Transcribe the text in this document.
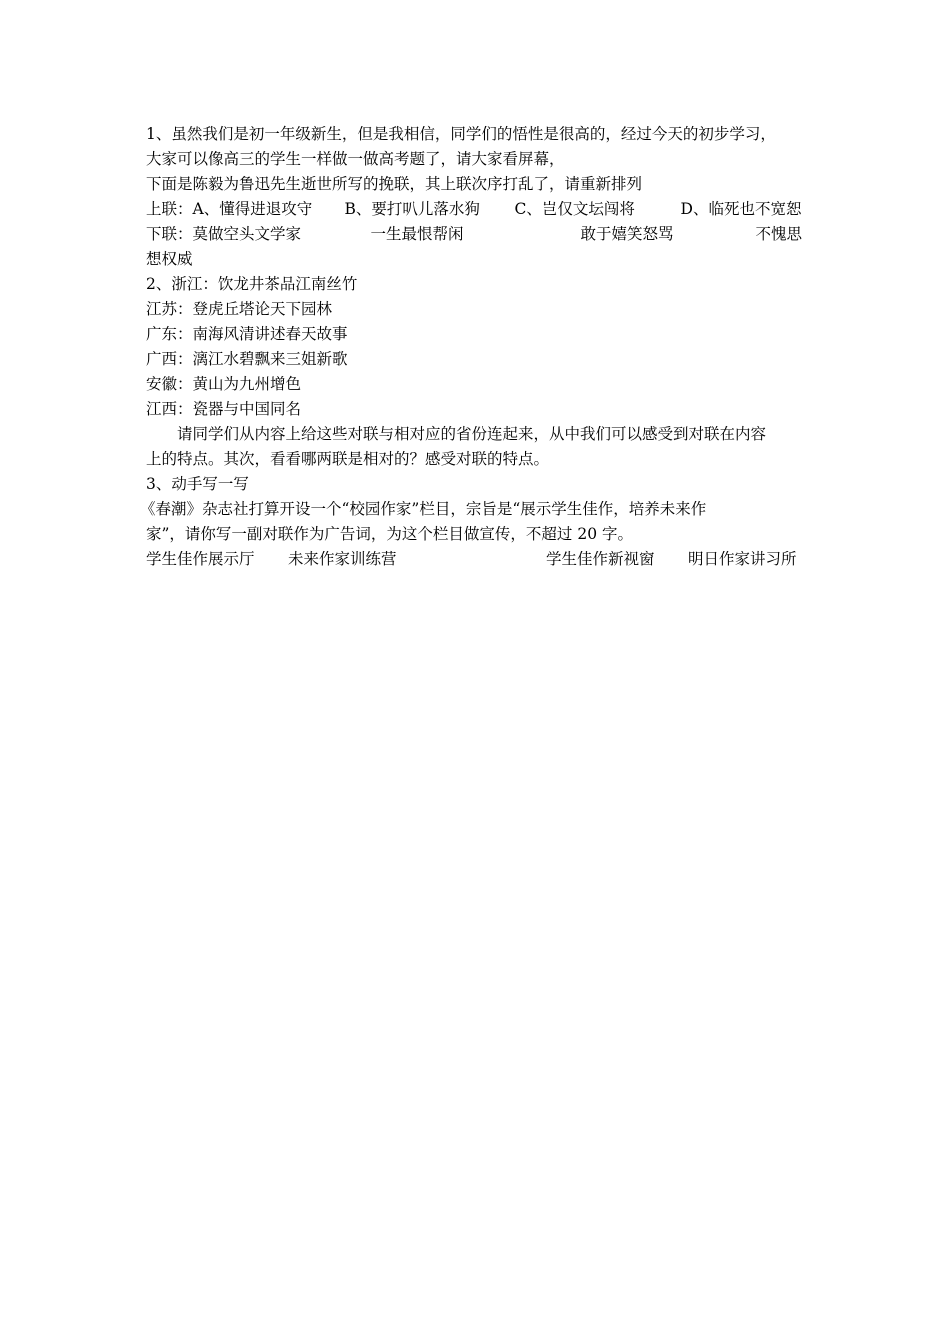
1、虽然我们是初一年级新生，但是我相信，同学们的悟性是很高的，经过今天的初步学习，
大家可以像高三的学生一样做一做高考题了，请大家看屏幕，
下面是陈毅为鲁迅先生逝世所写的挽联，其上联次序打乱了，请重新排列
上联： A、懂得进退攻守	B、要打叭儿落水狗	C、岂仅文坛闯将	D、临死也不宽恕
下联： 莫做空头文学家	一生最恨帮闲	敢于嬉笑怒骂	不愧思
想权威
2、浙江：饮龙井茶品江南丝竹
江苏：登虎丘塔论天下园林
广东：南海风清讲述春天故事
广西：漓江水碧飘来三姐新歌
安徽：黄山为九州增色
江西：瓷器与中国同名
请同学们从内容上给这些对联与相对应的省份连起来，从中我们可以感受到对联在内容
上的特点。其次，看看哪两联是相对的？感受对联的特点。
3、动手写一写
《春潮》杂志社打算开设一个“校园作家”栏目，宗旨是“展示学生佳作，培养未来作
家”，请你写一副对联作为广告词，为这个栏目做宣传，不超过 20 字。
学生佳作展示厅	未来作家训练营	学生佳作新视窗	明日作家讲习所
